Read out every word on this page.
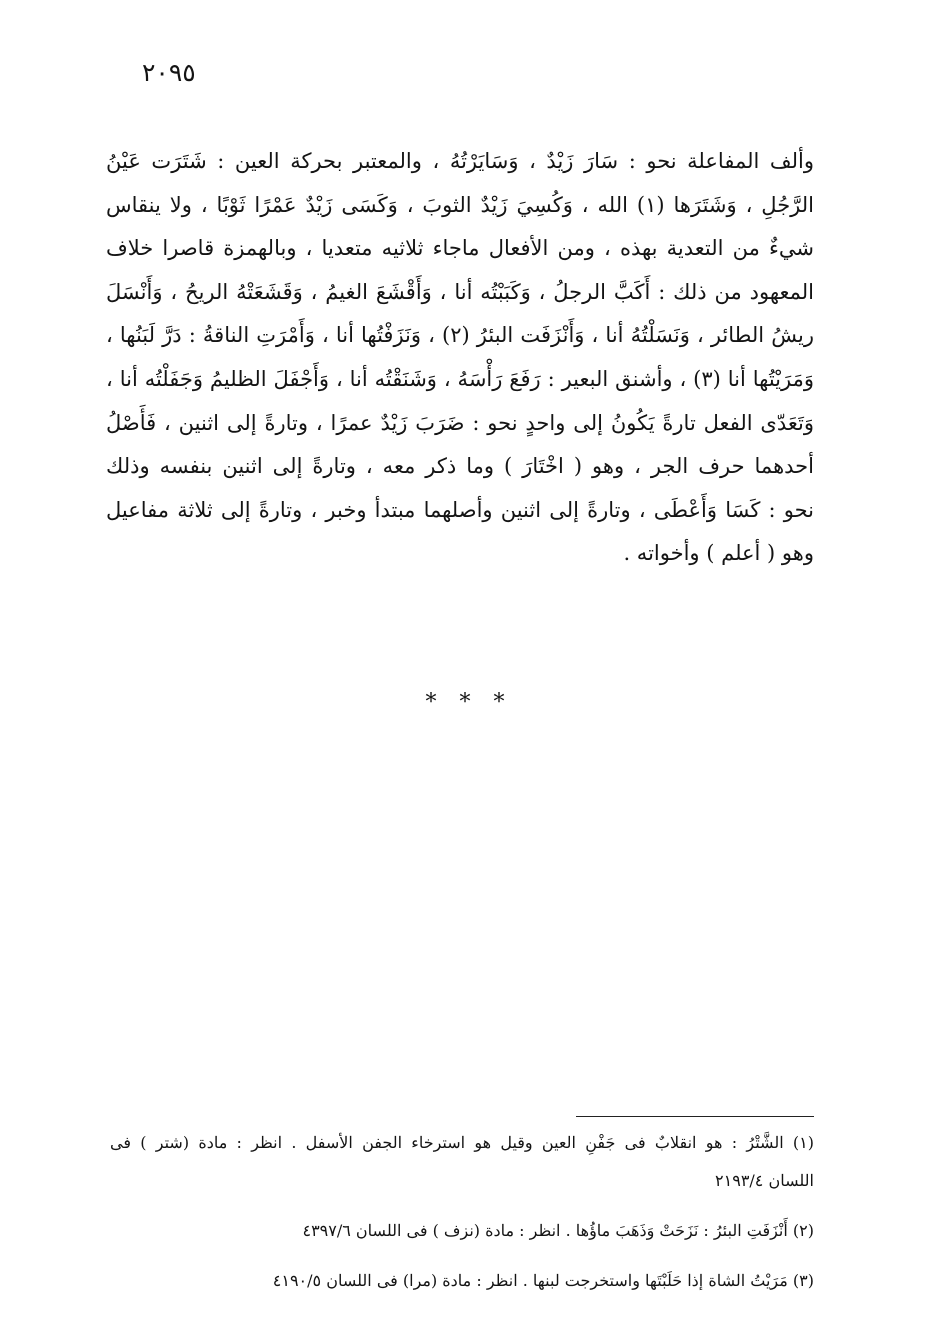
٢٠٩٥
وألف المفاعلة نحو : سَارَ زَيْدٌ ، وَسَايَرْتُهُ ، والمعتبر بحركة العين : شَتَرَت عَيْنُ
الرَّجُلِ ، وَشَتَرَها (١) الله ، وَكُسِيَ زَيْدٌ الثوبَ ، وَكَسَى زَيْدٌ عَمْرًا ثَوْبًا ، ولا ينقاس
شيءٌ من التعدية بهذه ، ومن الأفعال ماجاء ثلاثيه متعديا ، وبالهمزة قاصرا خلاف
المعهود من ذلك : أَكَبَّ الرجلُ ، وَكَبَبْتُه أنا ، وَأَقْشَعَ الغيمُ ، وَقَشَعَتْهُ الريحُ ، وَأَنْسَلَ
ريشُ الطائر ، وَنَسَلْتُهُ أنا ، وَأَنْزَفَت البئرُ (٢) ، وَنَزَفْتُها أنا ، وَأَمْرَتِ الناقةُ : دَرَّ لَبَنُها ،
وَمَرَيْتُها أنا (٣) ، وأشنق البعير : رَفَعَ رَأْسَهُ ، وَشَنَقْتُه أنا ، وَأَجْفَلَ الظليمُ وَجَفَلْتُه أنا ،
وَتَعَدّى الفعل تارةً يَكُونُ إلى واحدٍ نحو : ضَرَبَ زَيْدٌ عمرًا ، وتارةً إلى اثنين ، فَأَصْلُ
أحدهما حرف الجر ، وهو ( اخْتَارَ ) وما ذكر معه ، وتارةً إلى اثنين بنفسه وذلك
نحو : كَسَا وَأَعْطَى ، وتارةً إلى اثنين وأصلهما مبتدأ وخبر ، وتارةً إلى ثلاثة مفاعيل
وهو ( أعلم ) وأخواته .
* * *
(١) الشَّتْرُ : هو انقلابٌ فى جَفْنِ العين وقيل هو استرخاء الجفن الأسفل . انظر : مادة (شتر ) فى
اللسان ٢١٩٣/٤
(٢) أَنْزَفَتِ البئرُ : نَزَحَتْ وَذَهَبَ ماؤُها . انظر : مادة (نزف ) فى اللسان ٤٣٩٧/٦
(٣) مَرَيْتُ الشاة إذا حَلَبْتَها واستخرجت لبنها . انظر : مادة (مرا) فى اللسان ٤١٩٠/٥
